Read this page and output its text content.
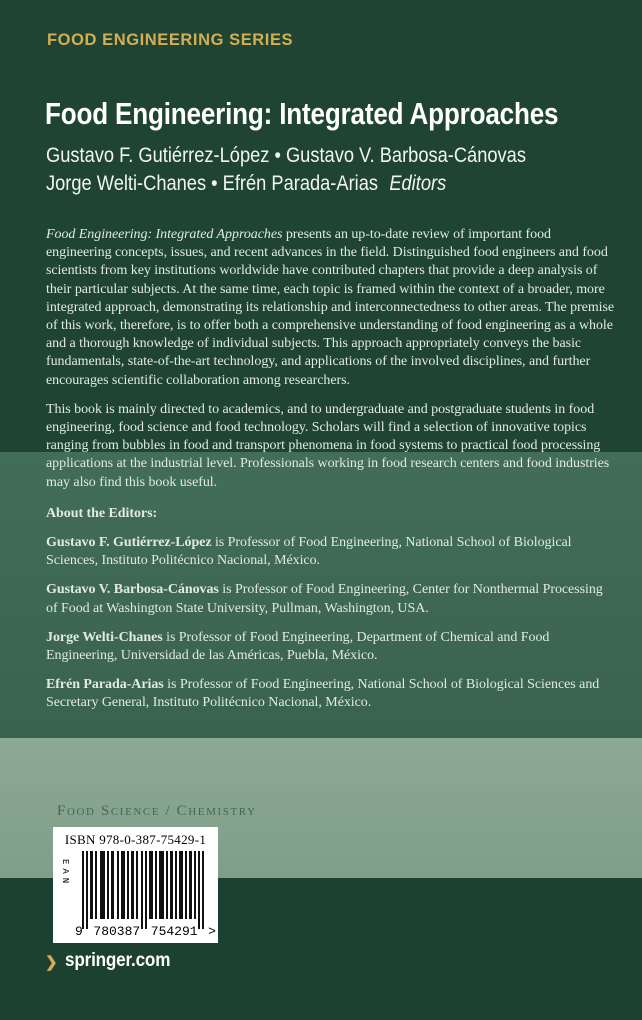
FOOD ENGINEERING SERIES
Food Engineering: Integrated Approaches
Gustavo F. Gutiérrez-López • Gustavo V. Barbosa-Cánovas
Jorge Welti-Chanes • Efrén Parada-Arias Editors

Food Engineering: Integrated Approaches presents an up-to-date review of important food engineering concepts, issues, and recent advances in the field. Distinguished food engineers and food scientists from key institutions worldwide have contributed chapters that provide a deep analysis of their particular subjects. At the same time, each topic is framed within the context of a broader, more integrated approach, demonstrating its relationship and interconnectedness to other areas. The premise of this work, therefore, is to offer both a comprehensive understanding of food engineering as a whole and a thorough knowledge of individual subjects. This approach appropriately conveys the basic fundamentals, state-of-the-art technology, and applications of the involved disciplines, and further encourages scientific collaboration among researchers.

This book is mainly directed to academics, and to undergraduate and postgraduate students in food engineering, food science and food technology. Scholars will find a selection of innovative topics ranging from bubbles in food and transport phenomena in food systems to practical food processing applications at the industrial level. Professionals working in food research centers and food industries may also find this book useful.

About the Editors:

Gustavo F. Gutiérrez-López is Professor of Food Engineering, National School of Biological Sciences, Instituto Politécnico Nacional, México.

Gustavo V. Barbosa-Cánovas is Professor of Food Engineering, Center for Nonthermal Processing of Food at Washington State University, Pullman, Washington, USA.

Jorge Welti-Chanes is Professor of Food Engineering, Department of Chemical and Food Engineering, Universidad de las Américas, Puebla, México.

Efrén Parada-Arias is Professor of Food Engineering, National School of Biological Sciences and Secretary General, Instituto Politécnico Nacional, México.

Food Science / Chemistry
ISBN 978-0-387-75429-1
EAN
9 780387 754291 >
❯ springer.com
